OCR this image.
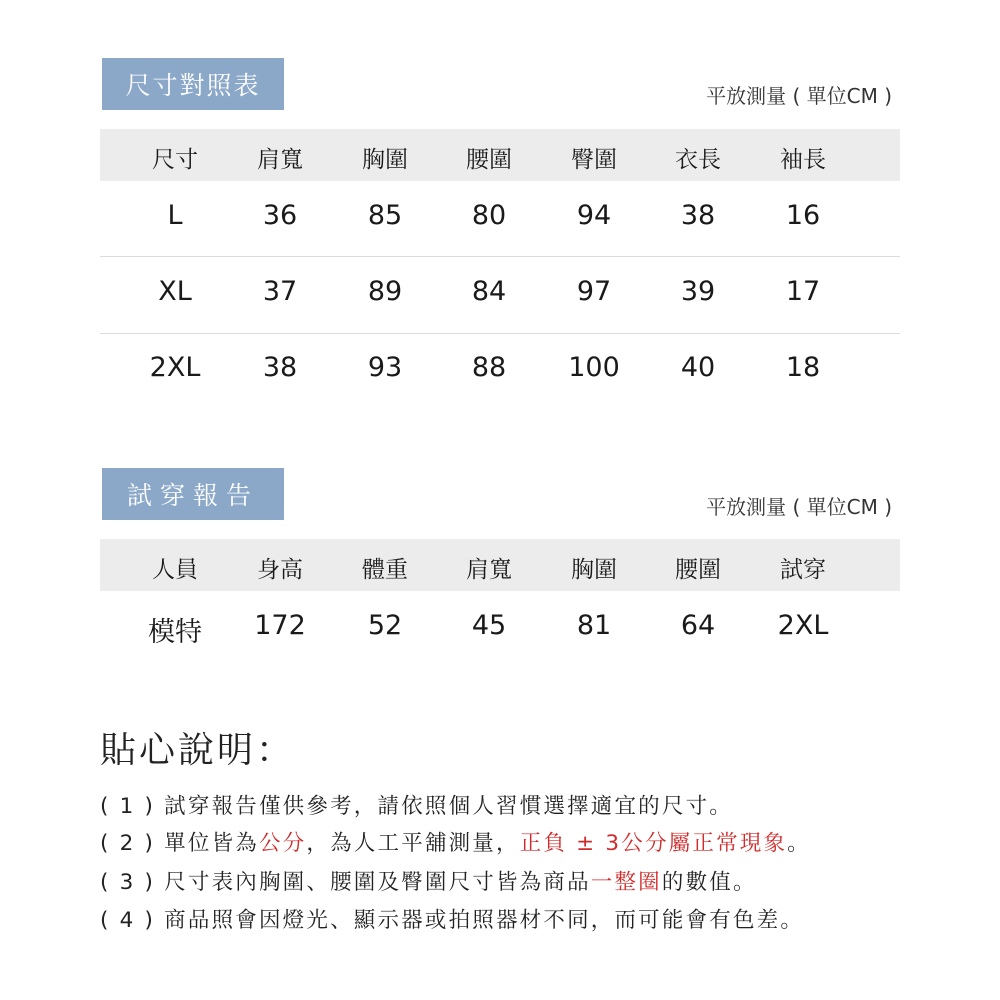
尺寸對照表	平放測量 ( 單位CM )
尺寸	肩寬	胸圍	腰圍	臀圍	衣長	袖長
L	36	85	80	94	38	16
XL	37	89	84	97	39	17
2XL	38	93	88	100	40	18
試穿報告	平放測量 ( 單位CM )
人員	身高	體重	肩寬	胸圍	腰圍	試穿
模特	172	52	45	81	64	2XL
貼心說明：
( 1 ) 試穿報告僅供參考，請依照個人習慣選擇適宜的尺寸。
( 2 ) 單位皆為公分，為人工平舖測量，正負 ± 3公分屬正常現象。
( 3 ) 尺寸表內胸圍、腰圍及臀圍尺寸皆為商品一整圈的數值。
( 4 ) 商品照會因燈光、顯示器或拍照器材不同，而可能會有色差。
